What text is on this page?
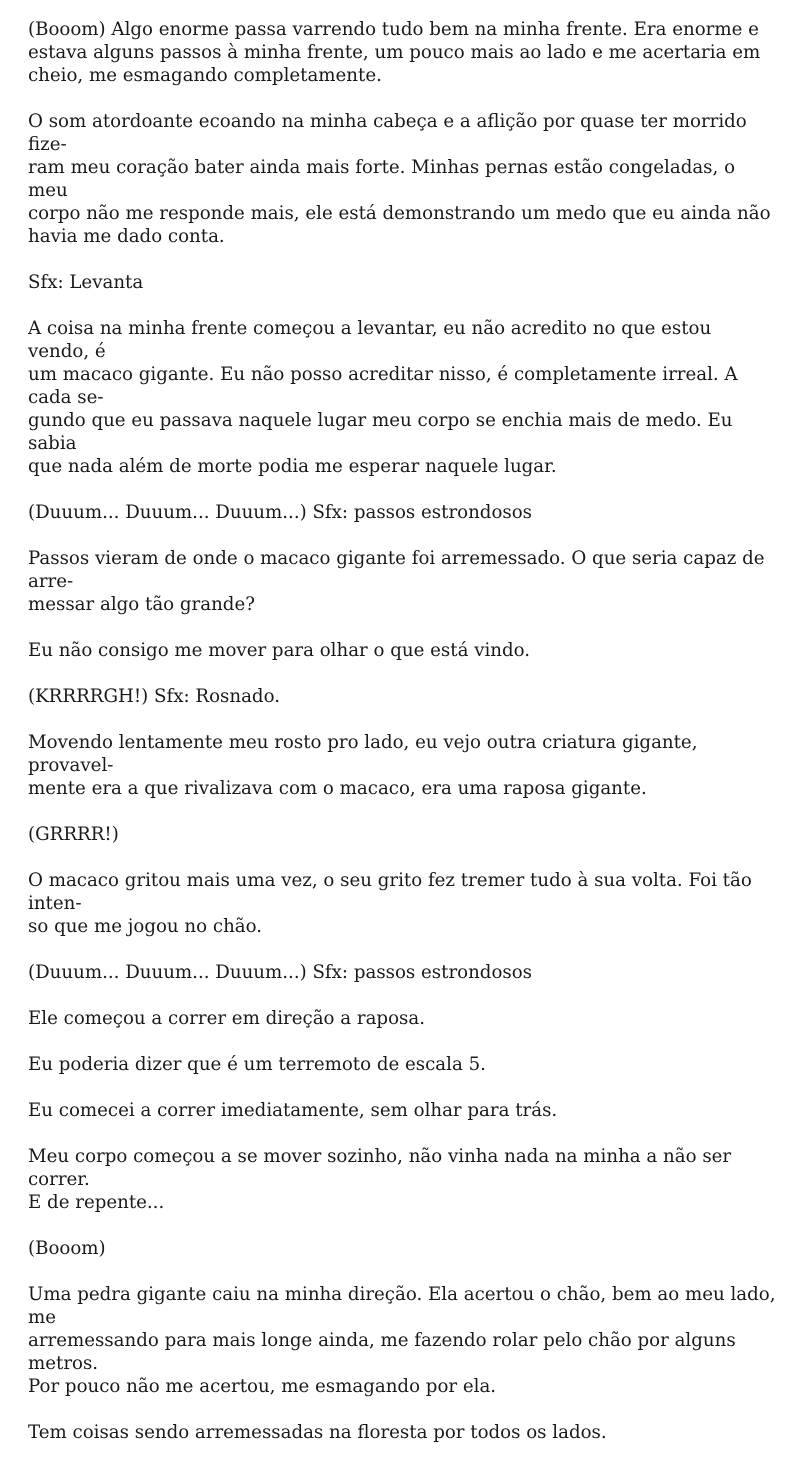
(Booom) Algo enorme passa varrendo tudo bem na minha frente. Era enorme e
estava alguns passos à minha frente, um pouco mais ao lado e me acertaria em
cheio, me esmagando completamente.

O som atordoante ecoando na minha cabeça e a aflição por quase ter morrido fize-
ram meu coração bater ainda mais forte. Minhas pernas estão congeladas, o meu
corpo não me responde mais, ele está demonstrando um medo que eu ainda não
havia me dado conta.

Sfx: Levanta

A coisa na minha frente começou a levantar, eu não acredito no que estou vendo, é
um macaco gigante. Eu não posso acreditar nisso, é completamente irreal. A cada se-
gundo que eu passava naquele lugar meu corpo se enchia mais de medo. Eu sabia
que nada além de morte podia me esperar naquele lugar.

(Duuum... Duuum... Duuum...) Sfx: passos estrondosos

Passos vieram de onde o macaco gigante foi arremessado. O que seria capaz de arre-
messar algo tão grande?

Eu não consigo me mover para olhar o que está vindo.

(KRRRRGH!) Sfx: Rosnado.

Movendo lentamente meu rosto pro lado, eu vejo outra criatura gigante, provavel-
mente era a que rivalizava com o macaco, era uma raposa gigante.

(GRRRR!)

O macaco gritou mais uma vez, o seu grito fez tremer tudo à sua volta. Foi tão inten-
so que me jogou no chão.

(Duuum... Duuum... Duuum...) Sfx: passos estrondosos

Ele começou a correr em direção a raposa.

Eu poderia dizer que é um terremoto de escala 5.

Eu comecei a correr imediatamente, sem olhar para trás.

Meu corpo começou a se mover sozinho, não vinha nada na minha a não ser correr.
E de repente...

(Booom)

Uma pedra gigante caiu na minha direção. Ela acertou o chão, bem ao meu lado, me
arremessando para mais longe ainda, me fazendo rolar pelo chão por alguns metros.
Por pouco não me acertou, me esmagando por ela.

Tem coisas sendo arremessadas na floresta por todos os lados.
